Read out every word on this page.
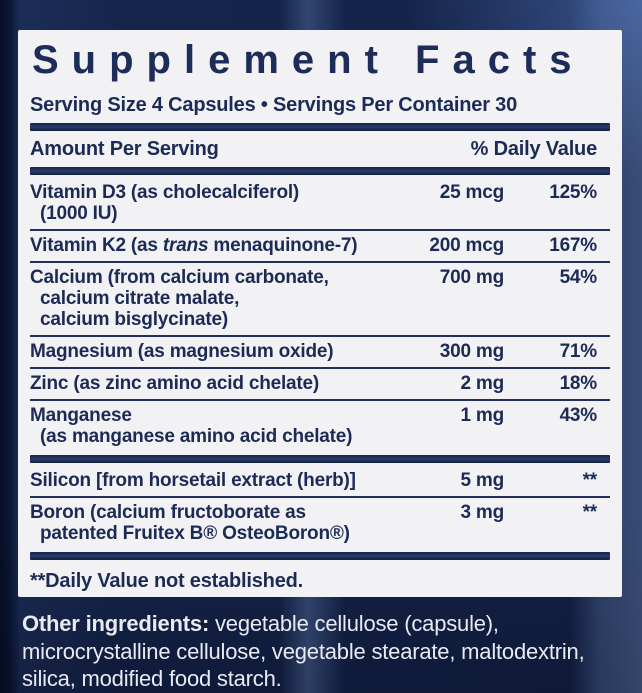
Supplement Facts
Serving Size 4 Capsules • Servings Per Container 30
Amount Per Serving	% Daily Value
Vitamin D3 (as cholecalciferol)
(1000 IU)
25 mcg	125%
Vitamin K2 (as trans menaquinone-7)	200 mcg	167%
Calcium (from calcium carbonate,
calcium citrate malate,
calcium bisglycinate)
700 mg	54%
Magnesium (as magnesium oxide)	300 mg	71%
Zinc (as zinc amino acid chelate)	2 mg	18%
Manganese
(as manganese amino acid chelate)
1 mg	43%
Silicon [from horsetail extract (herb)]	5 mg	**
Boron (calcium fructoborate as
patented Fruitex B® OsteoBoron®)
3 mg	**
**Daily Value not established.
Other ingredients: vegetable cellulose (capsule), microcrystalline cellulose, vegetable stearate, maltodextrin, silica, modified food starch.
